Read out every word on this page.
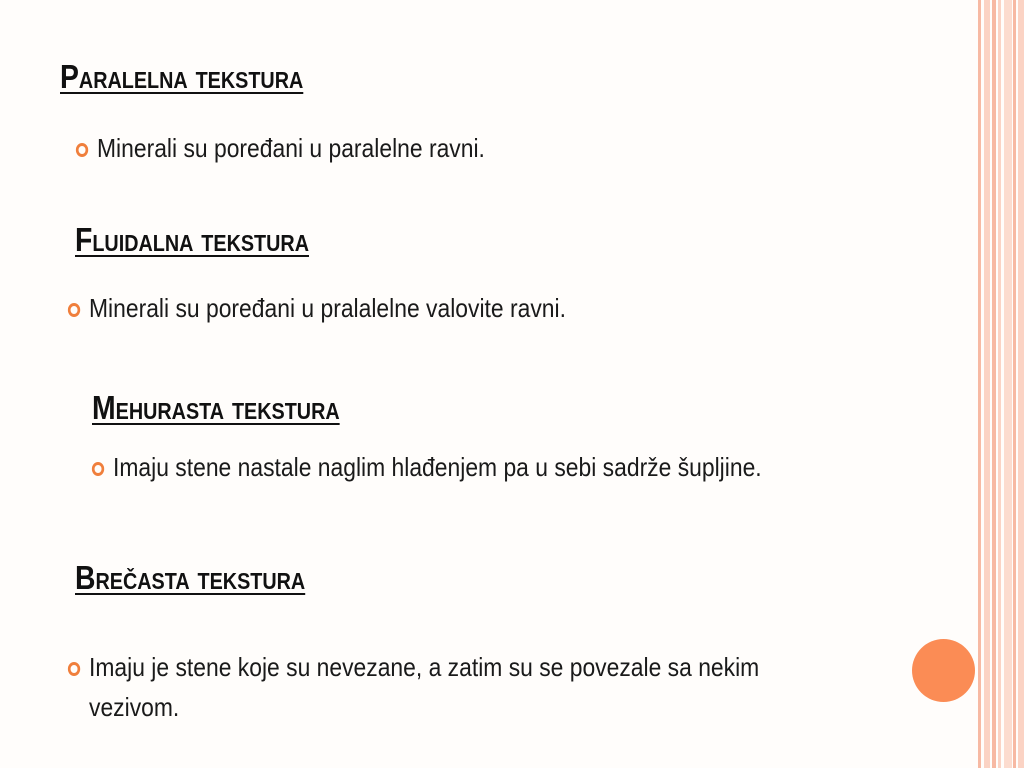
Paralelna tekstura
Minerali su poređani u paralelne ravni.
Fluidalna tekstura
Minerali su poređani u pralalelne valovite ravni.
Mehurasta tekstura
Imaju stene nastale naglim hlađenjem pa u sebi sadrže šupljine.
Brečasta tekstura
Imaju je stene koje su nevezane, a zatim su se povezale sa nekim vezivom.
